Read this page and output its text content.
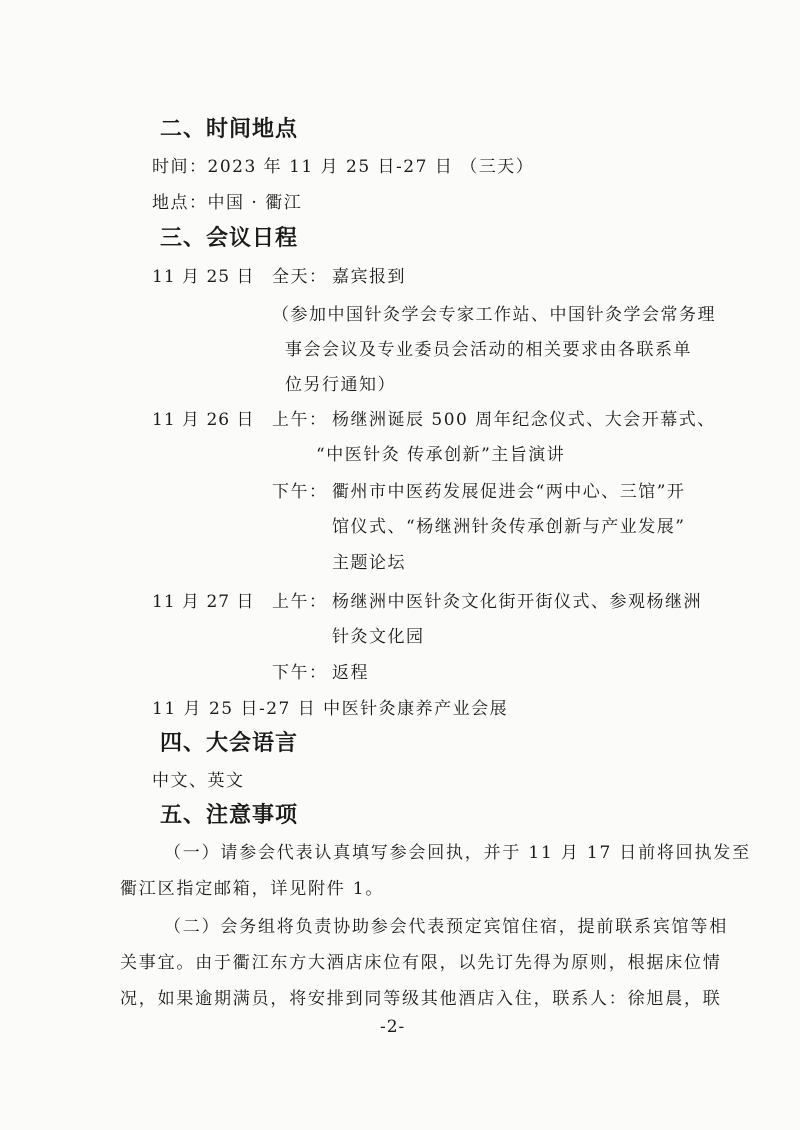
二、时间地点
时间：2023 年 11 月 25 日-27 日 （三天）
地点：中国 · 衢江
三、会议日程
11 月 25 日 全天： 嘉宾报到
（参加中国针灸学会专家工作站、中国针灸学会常务理
事会会议及专业委员会活动的相关要求由各联系单
位另行通知）
11 月 26 日 上午： 杨继洲诞辰 500 周年纪念仪式、大会开幕式、
“中医针灸 传承创新”主旨演讲
下午： 衢州市中医药发展促进会“两中心、三馆”开
馆仪式、“杨继洲针灸传承创新与产业发展”
主题论坛
11 月 27 日 上午： 杨继洲中医针灸文化街开街仪式、参观杨继洲
针灸文化园
下午： 返程
11 月 25 日-27 日 中医针灸康养产业会展
四、大会语言
中文、英文
五、注意事项
（一）请参会代表认真填写参会回执，并于 11 月 17 日前将回执发至
衢江区指定邮箱，详见附件 1。
（二）会务组将负责协助参会代表预定宾馆住宿，提前联系宾馆等相
关事宜。由于衢江东方大酒店床位有限，以先订先得为原则，根据床位情
况，如果逾期满员，将安排到同等级其他酒店入住，联系人：徐旭晨，联
-2-
